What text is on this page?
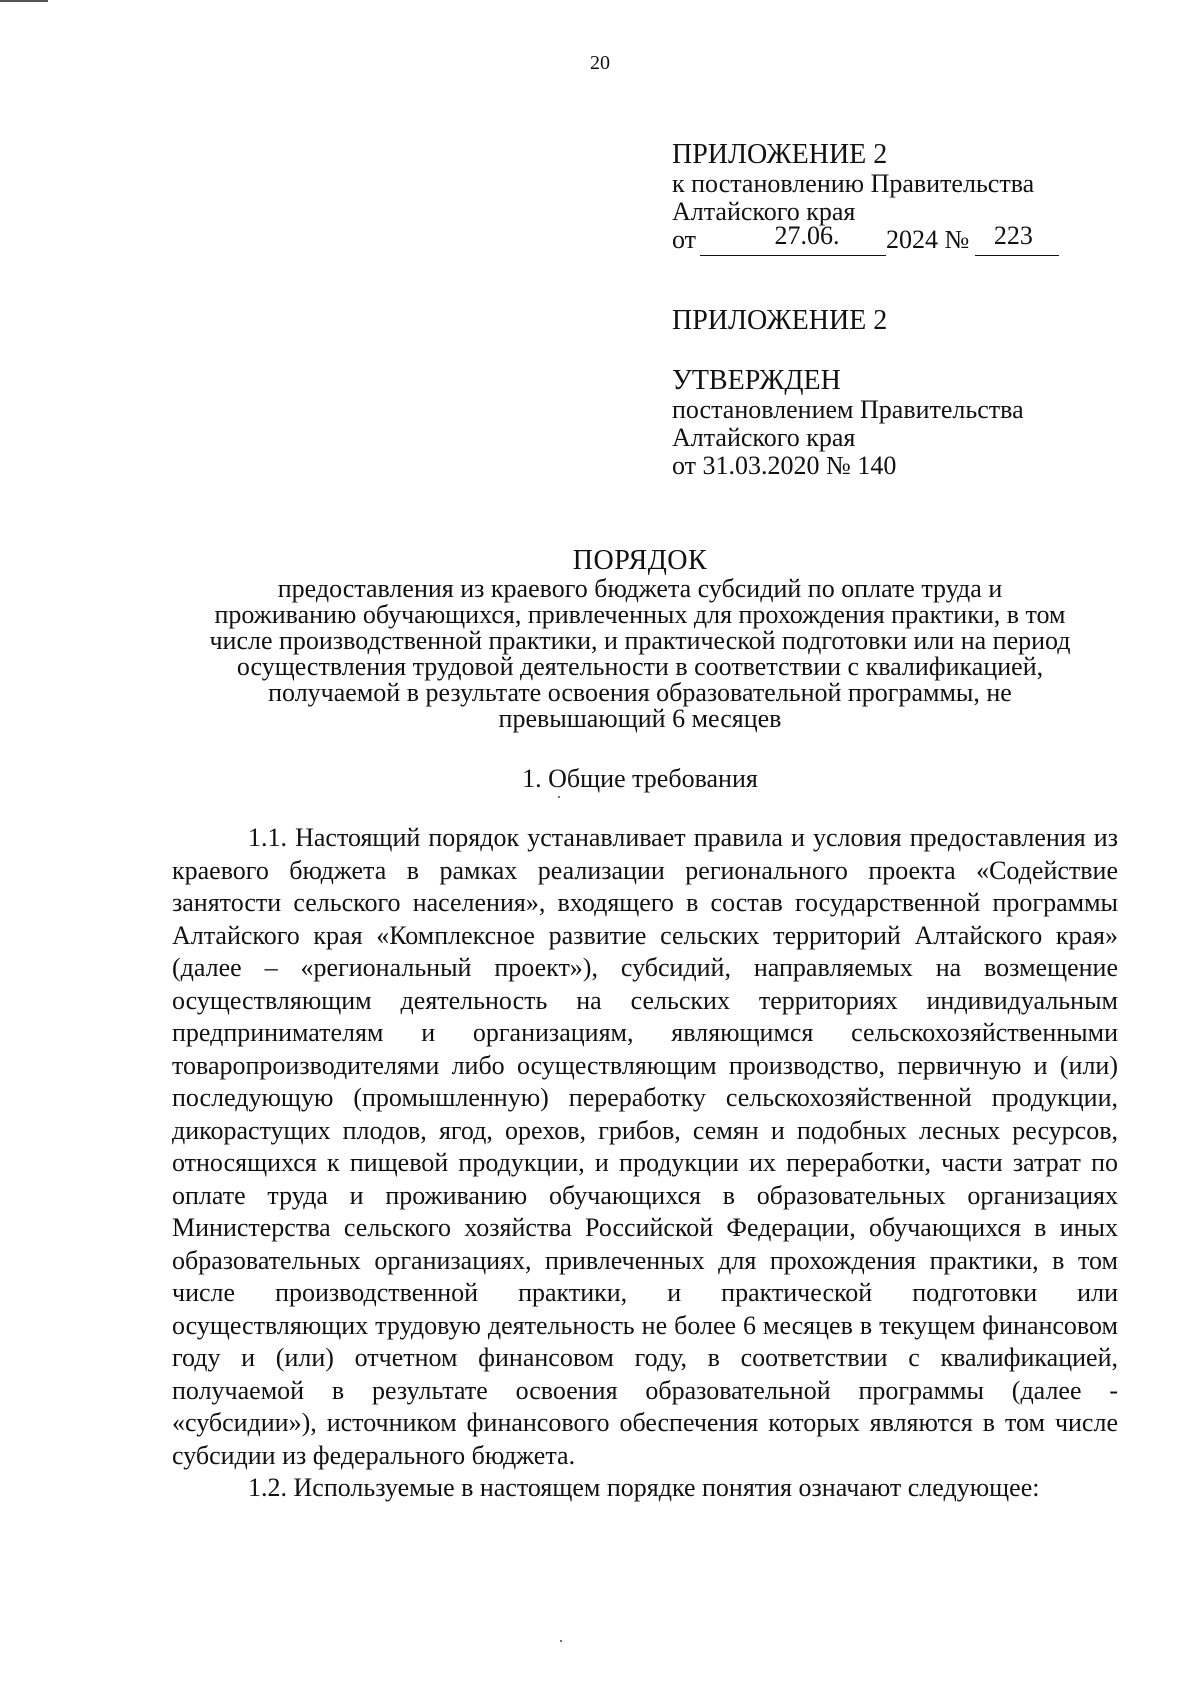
20
ПРИЛОЖЕНИЕ 2
к постановлению Правительства
Алтайского края
от	27.06. 2024 № 223
ПРИЛОЖЕНИЕ 2
УТВЕРЖДЕН
постановлением Правительства
Алтайского края
от 31.03.2020 № 140
ПОРЯДОК
предоставления из краевого бюджета субсидий по оплате труда и
проживанию обучающихся, привлеченных для прохождения практики, в том
числе производственной практики, и практической подготовки или на период
осуществления трудовой деятельности в соответствии с квалификацией,
получаемой в результате освоения образовательной программы, не
превышающий 6 месяцев
1. Общие требования

1.1. Настоящий порядок устанавливает правила и условия предоставления из краевого бюджета в рамках реализации регионального проекта «Содействие занятости сельского населения», входящего в состав государственной программы Алтайского края «Комплексное развитие сельских территорий Алтайского края» (далее – «региональный проект»), субсидий, направляемых на возмещение осуществляющим деятельность на сельских территориях индивидуальным предпринимателям и организациям, являющимся сельскохозяйственными товаропроизводителями либо осуществляющим производство, первичную и (или) последующую (промышленную) переработку сельскохозяйственной продукции, дикорастущих плодов, ягод, орехов, грибов, семян и подобных лесных ресурсов, относящихся к пищевой продукции, и продукции их переработки, части затрат по оплате труда и проживанию обучающихся в образовательных организациях Министерства сельского хозяйства Российской Федерации, обучающихся в иных образовательных организациях, привлеченных для прохождения практики, в том числе производственной практики, и практической подготовки или осуществляющих трудовую деятельность не более 6 месяцев в текущем финансовом году и (или) отчетном финансовом году, в соответствии с квалификацией, получаемой в результате освоения образовательной программы (далее - «субсидии»), источником финансового обеспечения которых являются в том числе субсидии из федерального бюджета.

1.2. Используемые в настоящем порядке понятия означают следующее:
